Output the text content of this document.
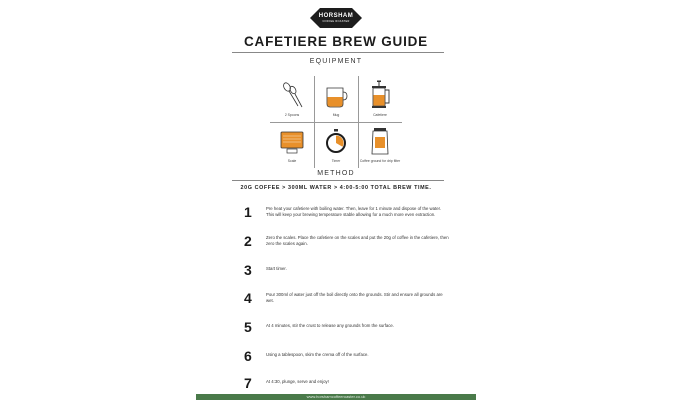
HORSHAM
COFFEE ROASTER
CAFETIERE BREW GUIDE
EQUIPMENT
2 Spoons	Mug	Cafetiere
Scale	Timer	Coffee ground for drip filter
METHOD
20G COFFEE > 300ML WATER > 4:00-5:00 TOTAL BREW TIME.
1	Pre heat your cafetiere with boiling water. Then, leave for 1 minute and dispose of the water. This will keep your brewing temperature stable allowing for a much more even extraction.
2	Zero the scales. Place the cafetiere on the scales and put the 20g of coffee in the cafetiere, then zero the scales again.
3	Start timer.
4	Pour 300ml of water just off the boil directly onto the grounds. Stir and ensure all grounds are wet.
5	At 4 minutes, stir the crust to release any grounds from the surface.
6	Using a tablespoon, skim the crema off of the surface.
7	At 4:30, plunge, serve and enjoy!
www.horshamcoffeeroaster.co.uk
